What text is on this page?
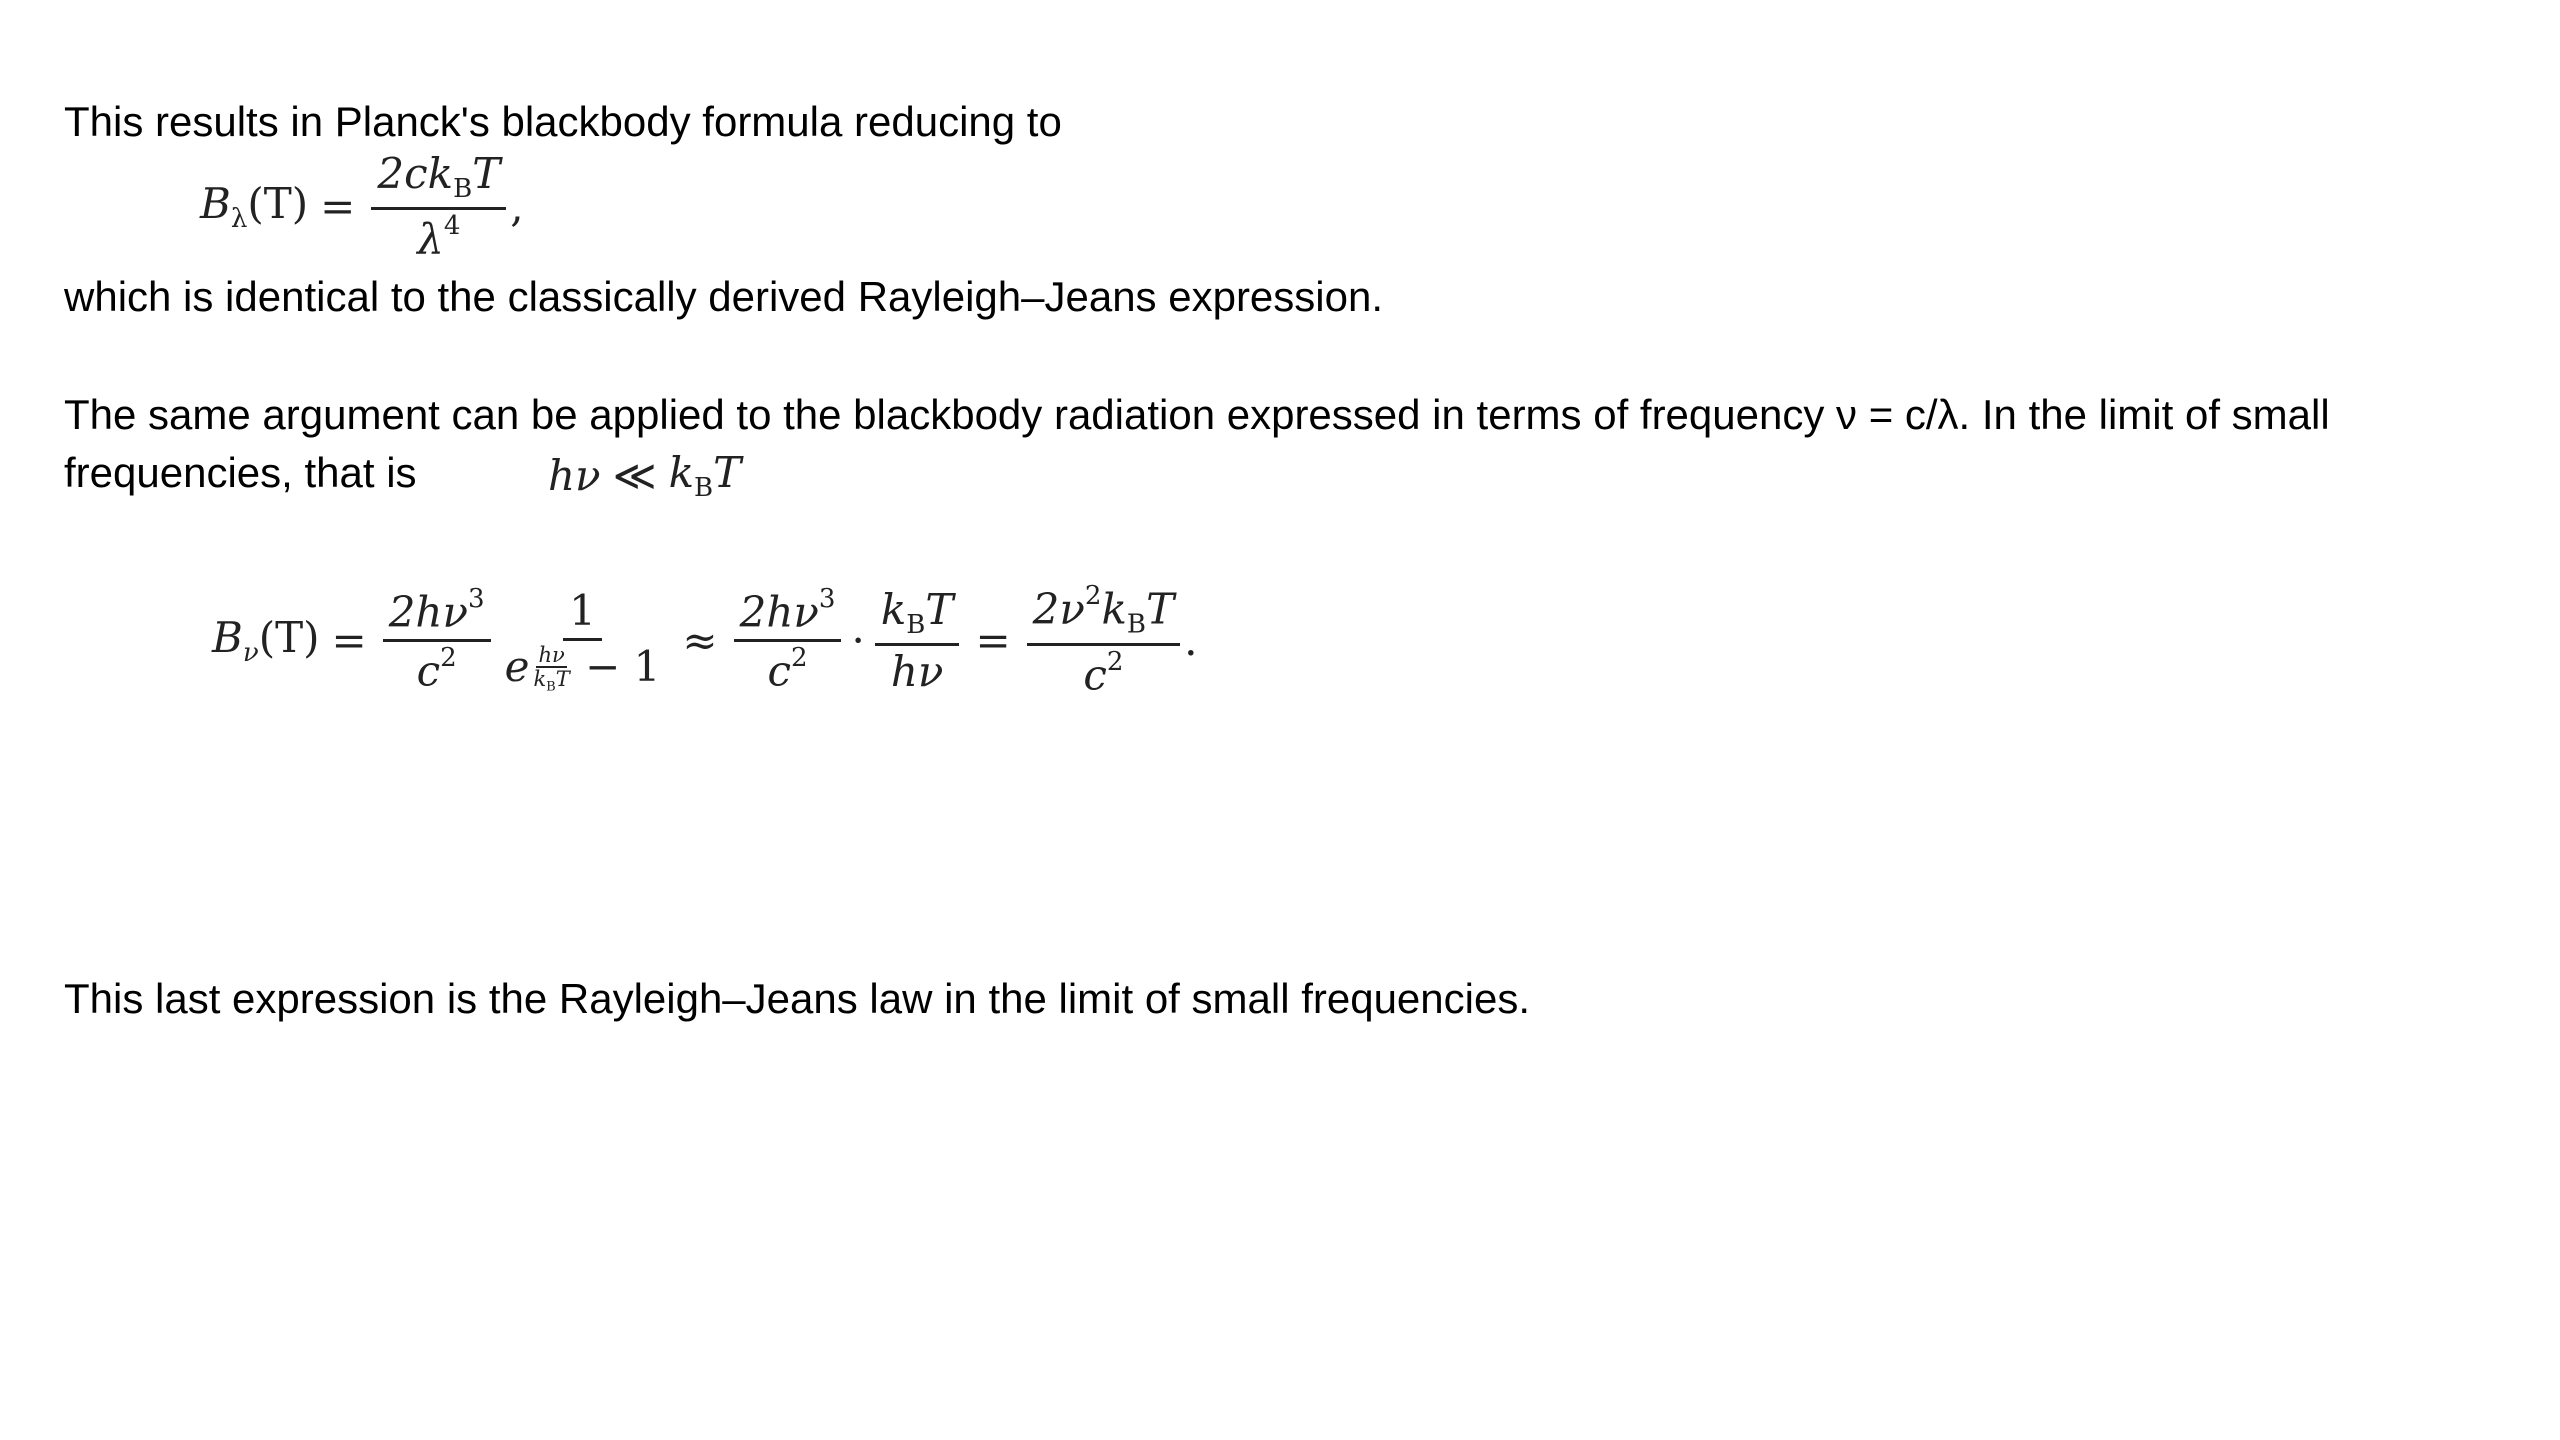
This results in Planck's blackbody formula reducing to

$B_\lambda(T) = \frac{2ck_BT}{\lambda^4}$ ,

which is identical to the classically derived Rayleigh–Jeans expression.

The same argument can be applied to the blackbody radiation expressed in terms of frequency ν = c/λ. In the limit of small

frequencies, that is	hν ≪ $k_BT$
$B_\nu(T) = \frac{2h\nu^3}{c^2} \frac{1}{e \frac{h\nu}{k_BT} - 1} \approx \frac{2h\nu^3}{c^2} \cdot \frac{k_BT}{h\nu} = \frac{2\nu^2k_BT}{c^2}$ .

This last expression is the Rayleigh–Jeans law in the limit of small frequencies.
